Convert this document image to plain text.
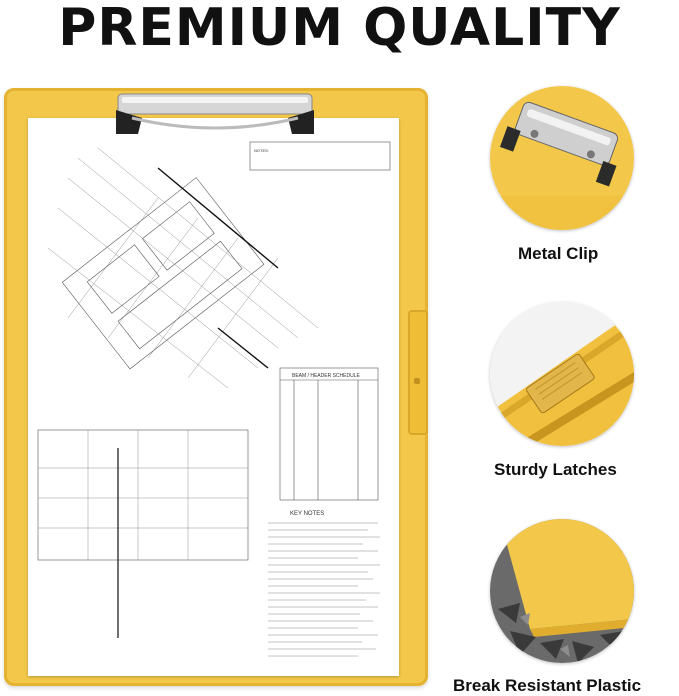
PREMIUM QUALITY
NOTES:
BEAM / HEADER SCHEDULE
KEY NOTES
Metal Clip
Sturdy Latches
Break Resistant Plastic
